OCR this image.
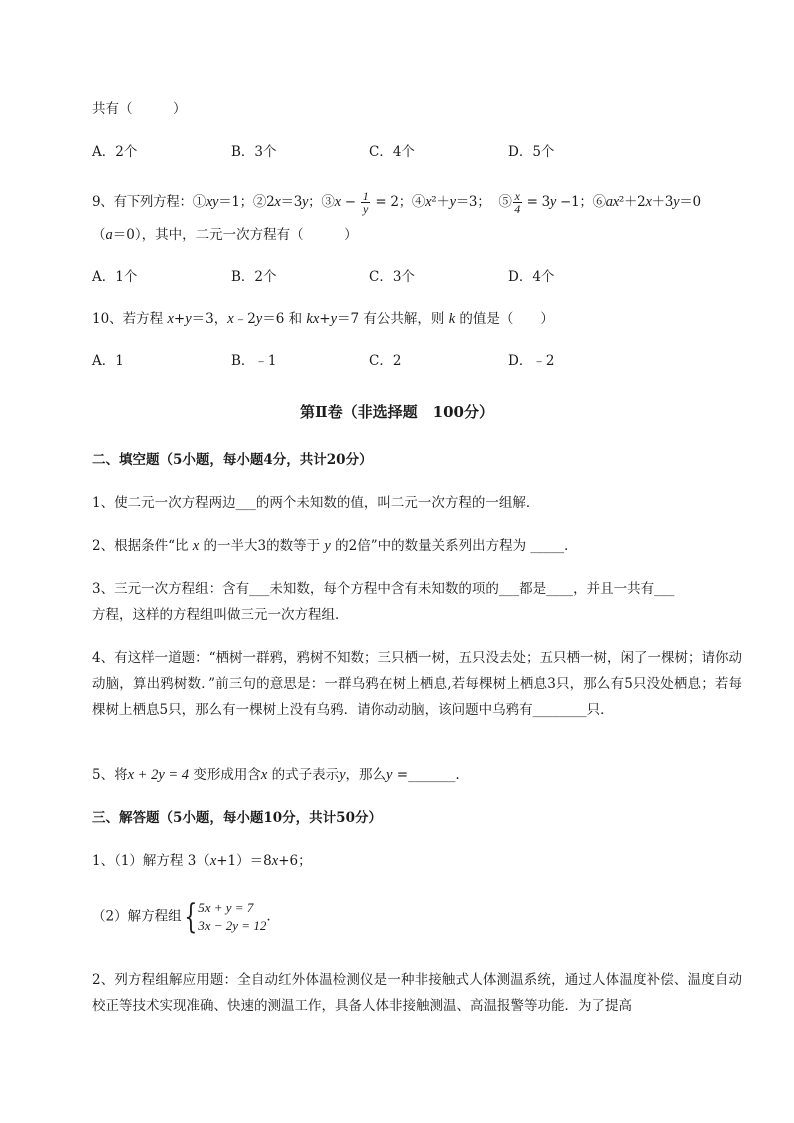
共有（　　　）
A．2个	B．3个	C．4个	D．5个
9、有下列方程：①xy＝1；②2x＝3y；③x − $\frac{1}{y} = 2$；④x²＋y＝3； ⑤ $\frac{x}{4} = 3y -1$；⑥ax²＋2x＋3y＝0
（a＝0），其中，二元一次方程有（　　　）
A．1个	B．2个	C．3个	D．4个
10、若方程 x+y＝3，x﹣2y＝6 和 kx+y＝7 有公共解，则 k 的值是（　　）
A．1	B．﹣1	C．2	D．﹣2
第Ⅱ卷（非选择题　100分）
二、填空题（5小题，每小题4分，共计20分）
1、使二元一次方程两边___的两个未知数的值，叫二元一次方程的一组解．
2、根据条件“比 x 的一半大3的数等于 y 的2倍”中的数量关系列出方程为 _____．
3、三元一次方程组：含有___未知数，每个方程中含有未知数的项的___都是____，并且一共有___
方程，这样的方程组叫做三元一次方程组．
4、有这样一道题：“栖树一群鸦，鸦树不知数；三只栖一树，五只没去处；五只栖一树，闲了一棵树；请你动动脑，算出鸦树数．”前三句的意思是：一群乌鸦在树上栖息,若每棵树上栖息3只，那么有5只没处栖息；若每棵树上栖息5只，那么有一棵树上没有乌鸦．请你动动脑，该问题中乌鸦有________只．
5、将x + 2y = 4 变形成用含x 的式子表示y，那么y =_______.
三、解答题（5小题，每小题10分，共计50分）
1、（1）解方程 3（x+1）＝8x+6；
（2）解方程组{ 5x + y = 7
3x − 2y = 12
.
2、列方程组解应用题：全自动红外体温检测仪是一种非接触式人体测温系统，通过人体温度补偿、温度自动校正等技术实现准确、快速的测温工作，具备人体非接触测温、高温报警等功能．为了提高
